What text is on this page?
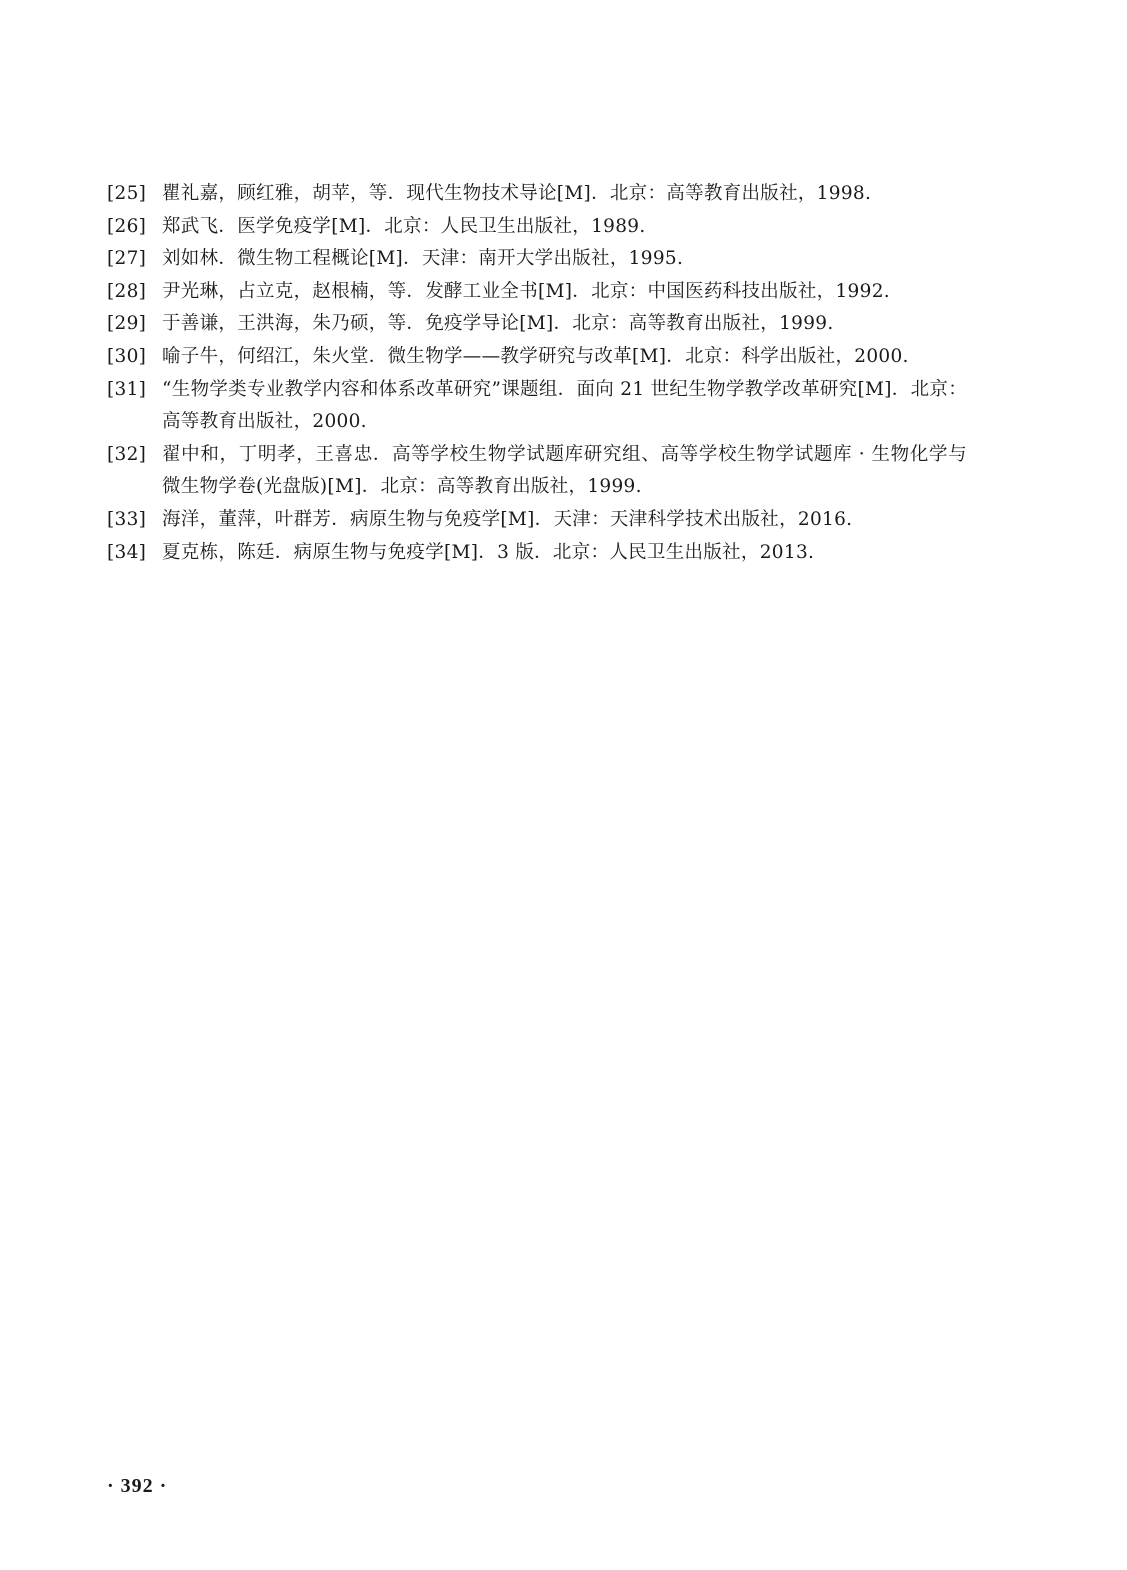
[25] 瞿礼嘉，顾红雅，胡苹，等．现代生物技术导论[M]．北京：高等教育出版社，1998.
[26] 郑武飞．医学免疫学[M]．北京：人民卫生出版社，1989.
[27] 刘如林．微生物工程概论[M]．天津：南开大学出版社，1995.
[28] 尹光琳，占立克，赵根楠，等．发酵工业全书[M]．北京：中国医药科技出版社，1992.
[29] 于善谦，王洪海，朱乃硕，等．免疫学导论[M]．北京：高等教育出版社，1999.
[30] 喻子牛，何绍江，朱火堂．微生物学——教学研究与改革[M]．北京：科学出版社，2000.
[31] “生物学类专业教学内容和体系改革研究”课题组．面向 21 世纪生物学教学改革研究[M]．北京：高等教育出版社，2000.
[32] 翟中和，丁明孝，王喜忠．高等学校生物学试题库研究组、高等学校生物学试题库 · 生物化学与微生物学卷(光盘版)[M]．北京：高等教育出版社，1999.
[33] 海洋，董萍，叶群芳．病原生物与免疫学[M]．天津：天津科学技术出版社，2016.
[34] 夏克栋，陈廷．病原生物与免疫学[M]．3 版．北京：人民卫生出版社，2013.
· 392 ·
